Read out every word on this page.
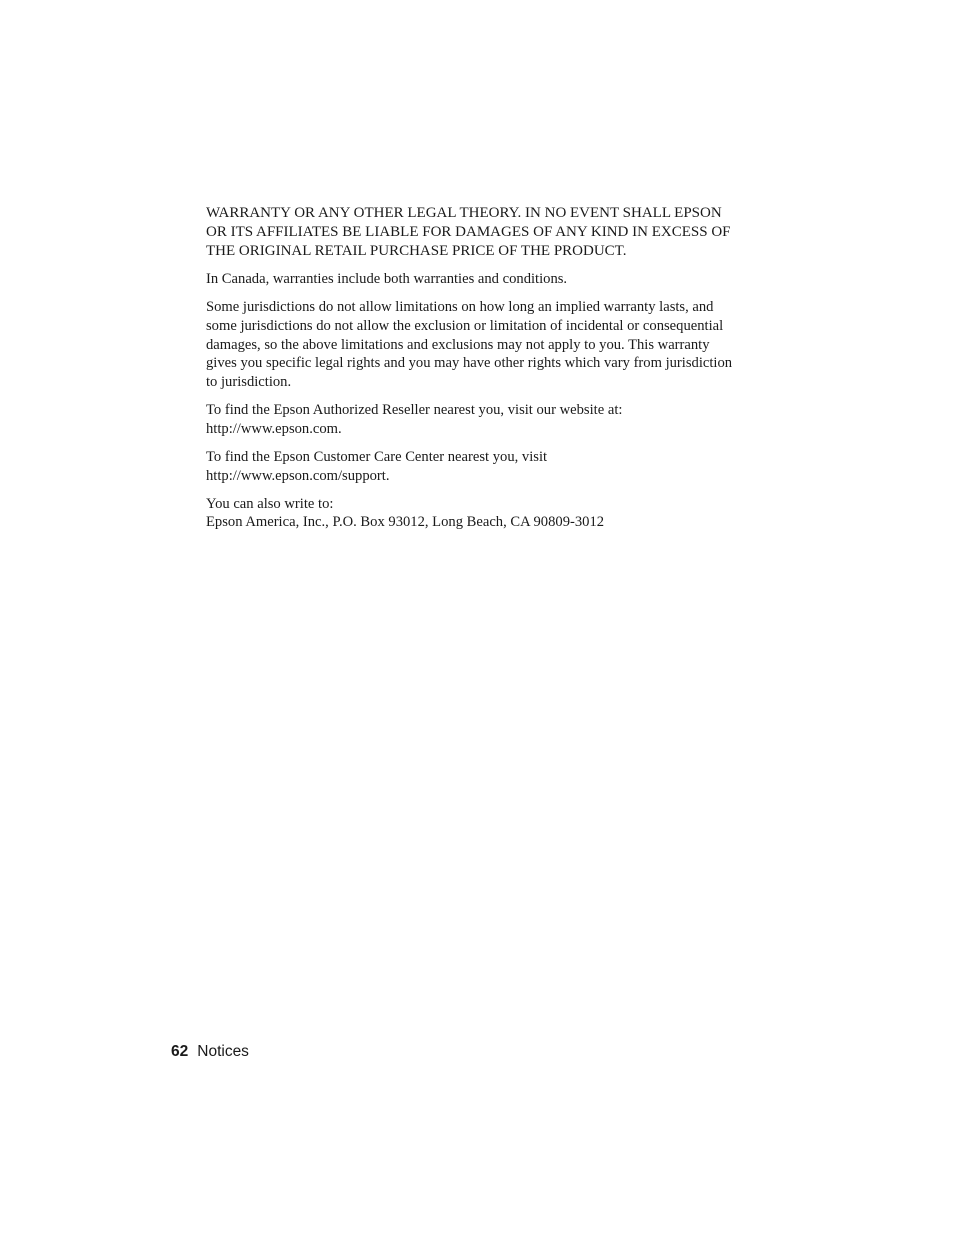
WARRANTY OR ANY OTHER LEGAL THEORY. IN NO EVENT SHALL EPSON
OR ITS AFFILIATES BE LIABLE FOR DAMAGES OF ANY KIND IN EXCESS OF
THE ORIGINAL RETAIL PURCHASE PRICE OF THE PRODUCT.

In Canada, warranties include both warranties and conditions.

Some jurisdictions do not allow limitations on how long an implied warranty lasts, and
some jurisdictions do not allow the exclusion or limitation of incidental or consequential
damages, so the above limitations and exclusions may not apply to you. This warranty
gives you specific legal rights and you may have other rights which vary from jurisdiction
to jurisdiction.

To find the Epson Authorized Reseller nearest you, visit our website at:
http://www.epson.com.

To find the Epson Customer Care Center nearest you, visit
http://www.epson.com/support.

You can also write to:
Epson America, Inc., P.O. Box 93012, Long Beach, CA 90809-3012

62 Notices
